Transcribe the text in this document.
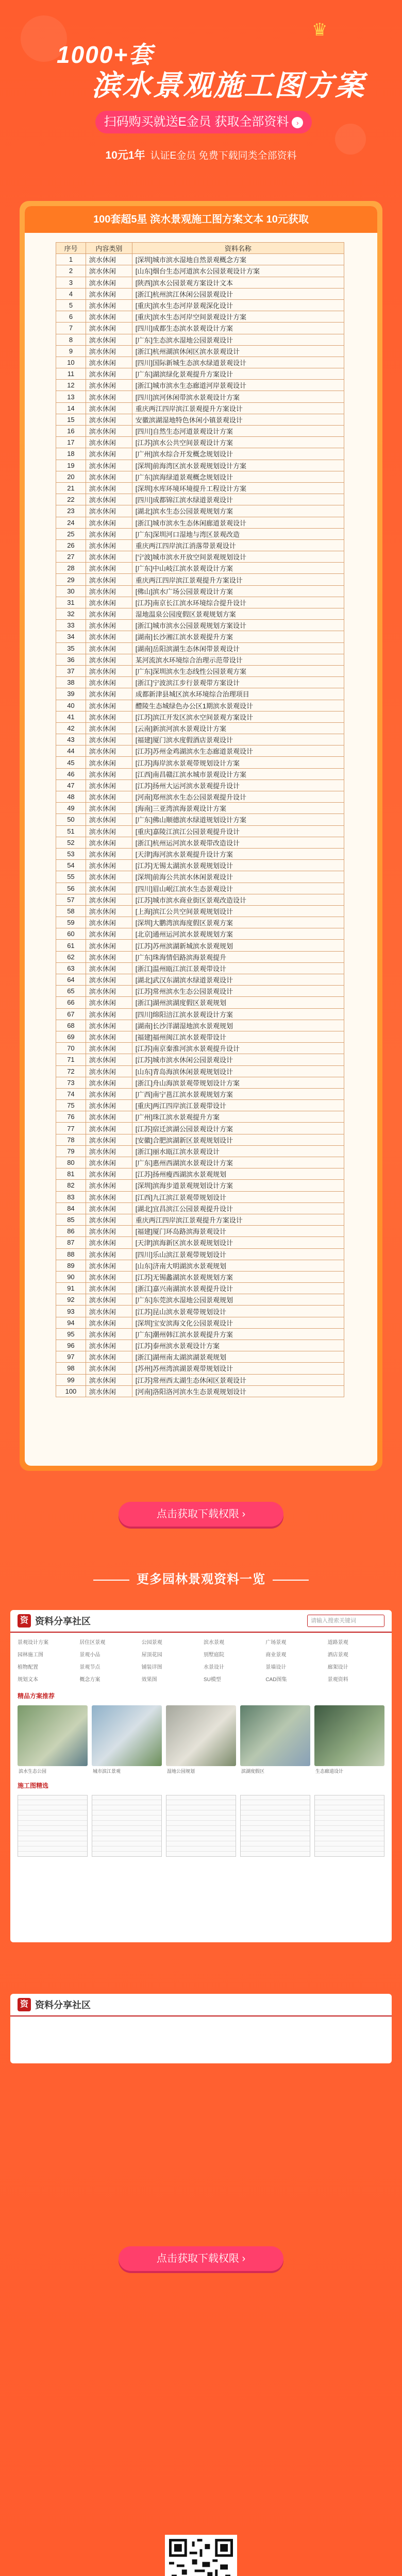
♛
1000+套
滨水景观施工图方案
扫码购买就送E金员 获取全部资料 ›
10元1年 认证E金员 免费下载同类全部资料
100套超5星 滨水景观施工图方案文本 10元获取
序号	内容类别	资料名称
1	滨水休闲	[深圳]城市滨水湿地自然景观概念方案
2	滨水休闲	[山东]烟台生态河道滨水公园景观设计方案
3	滨水休闲	[陕西]滨水公园景观方案设计文本
4	滨水休闲	[浙江]杭州滨江休闲公园景观设计
5	滨水休闲	[重庆]滨水生态河岸景观深化设计
6	滨水休闲	[重庆]滨水生态河岸空间景观设计方案
7	滨水休闲	[四川]成都生态滨水景观设计方案
8	滨水休闲	[广东]生态滨水湿地公园景观设计
9	滨水休闲	[浙江]杭州湖滨休闲区滨水景观设计
10	滨水休闲	[四川]国际新城生态滨水绿道景观设计
11	滨水休闲	[广东]湖滨绿化景观提升方案设计
12	滨水休闲	[浙江]城市滨水生态廊道河岸景观设计
13	滨水休闲	[四川]滨河休闲带滨水景观设计方案
14	滨水休闲	重庆两江四岸滨江景观提升方案设计
15	滨水休闲	安徽滨湖湿地特色休闲小镇景观设计
16	滨水休闲	[四川]自然生态河道景观设计方案
17	滨水休闲	[江苏]滨水公共空间景观设计方案
18	滨水休闲	[广州]滨水综合开发概念规划设计
19	滨水休闲	[深圳]前海湾区滨水景观规划设计方案
20	滨水休闲	[广东]滨海绿道景观概念规划设计
21	滨水休闲	[深圳]水库环境环境提升工程设计方案
22	滨水休闲	[四川]成都锦江滨水绿道景观设计
23	滨水休闲	[湖北]滨水生态公园景观规划方案
24	滨水休闲	[浙江]城市滨水生态休闲廊道景观设计
25	滨水休闲	[广东]深圳河口湿地与湾区景观改造
26	滨水休闲	重庆两江四岸滨江消落带景观设计
27	滨水休闲	[宁波]城市滨水开放空间景观规划设计
28	滨水休闲	[广东]中山岐江滨水景观设计方案
29	滨水休闲	重庆两江四岸滨江景观提升方案设计
30	滨水休闲	[佛山]滨水广场公园景观设计方案
31	滨水休闲	[江苏]南京长江滨水环境综合提升设计
32	滨水休闲	湿地温泉公园度假区景观规划方案
33	滨水休闲	[浙江]城市滨水公园景观规划方案设计
34	滨水休闲	[湖南]长沙湘江滨水景观提升方案
35	滨水休闲	[湖南]岳阳滨湖生态休闲带景观设计
36	滨水休闲	某河流滨水环境综合治理示范带设计
37	滨水休闲	[广东]深圳滨水生态线性公园景观方案
38	滨水休闲	[浙江]宁波滨江步行景观带方案设计
39	滨水休闲	成都新津县城区滨水环境综合治理项目
40	滨水休闲	醴陵生态城绿色办公区1期滨水景观设计
41	滨水休闲	[江苏]滨江开发区滨水空间景观方案设计
42	滨水休闲	[云南]新滨河滨水景观设计方案
43	滨水休闲	[福建]厦门滨水度假酒店景观设计
44	滨水休闲	[江苏]苏州金鸡湖滨水生态廊道景观设计
45	滨水休闲	[江苏]海岸滨水景观带规划设计方案
46	滨水休闲	[江西]南昌赣江滨水城市景观设计方案
47	滨水休闲	[江苏]扬州大运河滨水景观提升设计
48	滨水休闲	[河南]郑州滨水生态公园景观提升设计
49	滨水休闲	[海南]三亚湾滨海景观设计方案
50	滨水休闲	[广东]佛山顺德滨水绿道规划设计方案
51	滨水休闲	[重庆]嘉陵江滨江公园景观提升设计
52	滨水休闲	[浙江]杭州运河滨水景观带改造设计
53	滨水休闲	[天津]海河滨水景观提升设计方案
54	滨水休闲	[江苏]无锡太湖滨水景观规划设计
55	滨水休闲	[深圳]前海公共滨水休闲景观设计
56	滨水休闲	[四川]眉山岷江滨水生态景观设计
57	滨水休闲	[江苏]城市滨水商业街区景观改造设计
58	滨水休闲	[上海]滨江公共空间景观规划设计
59	滨水休闲	[深圳]大鹏湾滨海度假区景观方案
60	滨水休闲	[北京]通州运河滨水景观规划方案
61	滨水休闲	[江苏]苏州滨湖新城滨水景观规划
62	滨水休闲	[广东]珠海情侣路滨海景观提升
63	滨水休闲	[浙江]温州瓯江滨江景观带设计
64	滨水休闲	[湖北]武汉东湖滨水绿道景观设计
65	滨水休闲	[江苏]常州滨水生态公园景观设计
66	滨水休闲	[浙江]湖州滨湖度假区景观规划
67	滨水休闲	[四川]绵阳涪江滨水景观设计方案
68	滨水休闲	[湖南]长沙洋湖湿地滨水景观规划
69	滨水休闲	[福建]福州闽江滨水景观带设计
70	滨水休闲	[江苏]南京秦淮河滨水景观提升设计
71	滨水休闲	[江苏]城市滨水休闲公园景观设计
72	滨水休闲	[山东]青岛海滨休闲景观规划设计
73	滨水休闲	[浙江]舟山海滨景观带规划设计方案
74	滨水休闲	[广西]南宁邕江滨水景观规划方案
75	滨水休闲	[重庆]两江四岸滨江景观带设计
76	滨水休闲	[广州]珠江滨水景观提升方案
77	滨水休闲	[江苏]宿迁滨湖公园景观设计方案
78	滨水休闲	[安徽]合肥滨湖新区景观规划设计
79	滨水休闲	[浙江]丽水瓯江滨水景观设计
80	滨水休闲	[广东]惠州西湖滨水景观设计方案
81	滨水休闲	[江苏]扬州瘦西湖滨水景观规划
82	滨水休闲	[深圳]滨海步道景观规划设计方案
83	滨水休闲	[江西]九江滨江景观带规划设计
84	滨水休闲	[湖北]宜昌滨江公园景观提升设计
85	滨水休闲	重庆两江四岸滨江景观提升方案设计
86	滨水休闲	[福建]厦门环岛路滨海景观设计
87	滨水休闲	[天津]滨海新区滨水景观规划设计
88	滨水休闲	[四川]乐山滨江景观带规划设计
89	滨水休闲	[山东]济南大明湖滨水景观规划
90	滨水休闲	[江苏]无锡蠡湖滨水景观规划方案
91	滨水休闲	[浙江]嘉兴南湖滨水景观提升设计
92	滨水休闲	[广东]东莞滨水湿地公园景观规划
93	滨水休闲	[江苏]昆山滨水景观带规划设计
94	滨水休闲	[深圳]宝安滨海文化公园景观设计
95	滨水休闲	[广东]潮州韩江滨水景观提升方案
96	滨水休闲	[江苏]泰州滨水景观设计方案
97	滨水休闲	[浙江]湖州南太湖滨湖景观规划
98	滨水休闲	[苏州]苏州湾滨湖景观带规划设计
99	滨水休闲	[江苏]常州西太湖生态休闲区景观设计
100	滨水休闲	[河南]洛阳洛河滨水生态景观规划设计
点击获取下载权限 ›
更多园林景观资料一览
资 资料分享社区	请输入搜索关键词
景观设计方案	居住区景观	公园景观	滨水景观	广场景观	道路景观
园林施工图	景观小品	屋顶花园	别墅庭院	商业景观	酒店景观
植物配置	景观节点	铺装详图	水景设计	景墙设计	廊架设计
规划文本	概念方案	效果图	SU模型	CAD图集	景观资料
精品方案推荐
滨水生态公园	城市滨江景观	湿地公园规划	滨湖度假区	生态廊道设计
施工图精选
资 资料分享社区
点击获取下载权限 ›
